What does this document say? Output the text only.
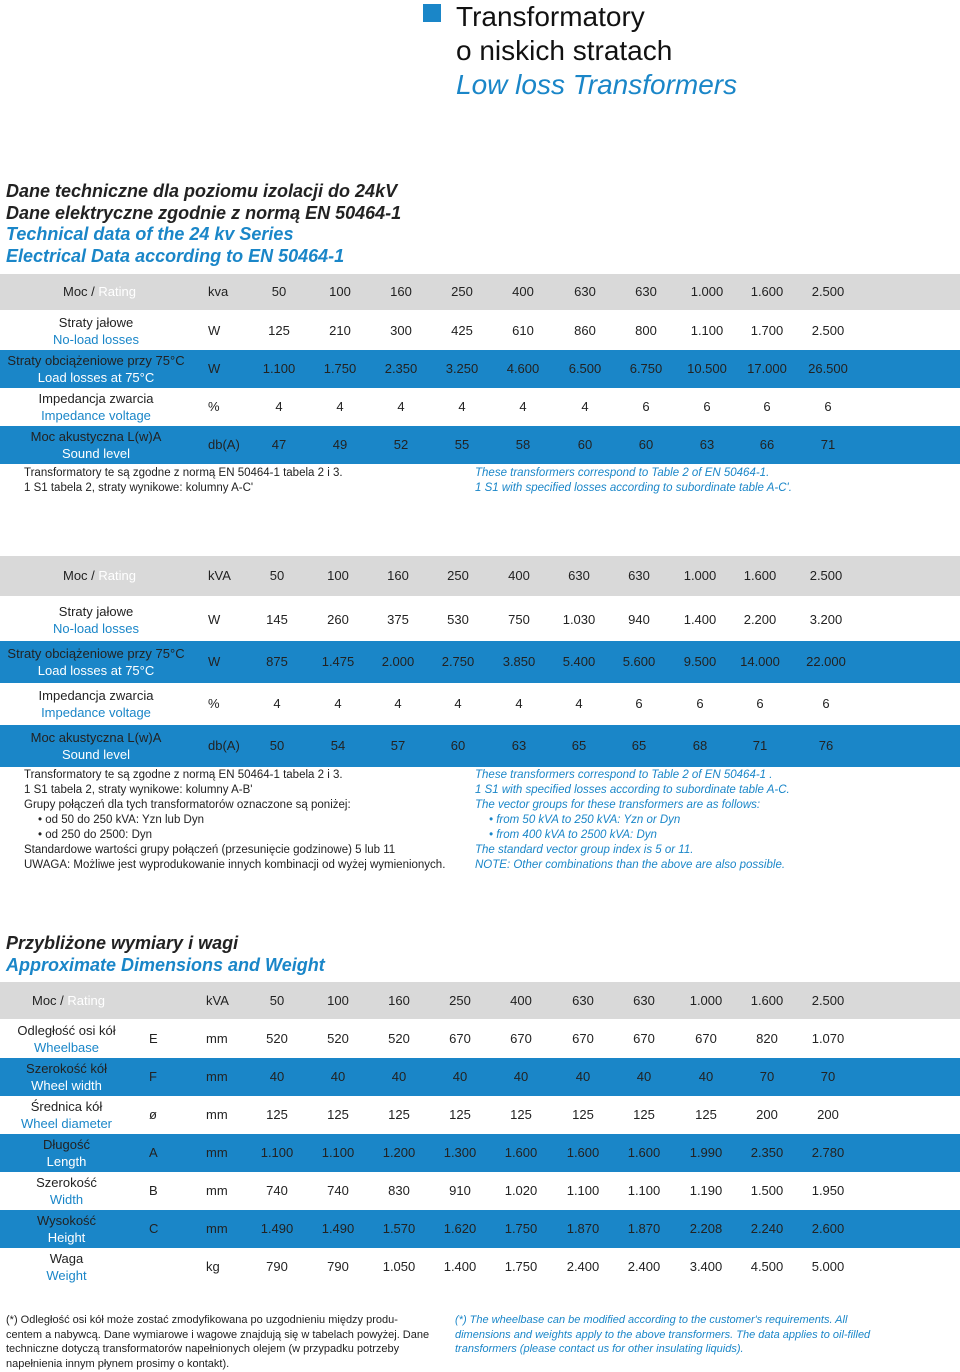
Transformatory
o niskich stratach
Low loss Transformers
Dane techniczne dla poziomu izolacji do 24kV
Dane elektryczne zgodnie z normą EN 50464-1
Technical data of the 24 kv Series
Electrical Data according to EN 50464-1
Moc / Rating	kva	50	100	160	250	400	630	630	1.000	1.600	2.500
Straty jałowe
No-load losses
W	125	210	300	425	610	860	800	1.100	1.700	2.500
Straty obciążeniowe przy 75°C
Load losses at 75°C
W	1.100	1.750	2.350	3.250	4.600	6.500	6.750	10.500	17.000	26.500
Impedancja zwarcia
Impedance voltage
%	4	4	4	4	4	4	6	6	6	6
Moc akustyczna L(w)A
Sound level
db(A)	47	49	52	55	58	60	60	63	66	71
Transformatory te są zgodne z normą EN 50464-1 tabela 2 i 3.
1 S1 tabela 2, straty wynikowe: kolumny A-C'
These transformers correspond to Table 2 of EN 50464-1.
1 S1 with specified losses according to subordinate table A-C'.
Moc / Rating	kVA	50	100	160	250	400	630	630	1.000	1.600	2.500
Straty jałowe
No-load losses
W	145	260	375	530	750	1.030	940	1.400	2.200	3.200
Straty obciążeniowe przy 75°C
Load losses at 75°C
W	875	1.475	2.000	2.750	3.850	5.400	5.600	9.500	14.000	22.000
Impedancja zwarcia
Impedance voltage
%	4	4	4	4	4	4	6	6	6	6
Moc akustyczna L(w)A
Sound level
db(A)	50	54	57	60	63	65	65	68	71	76
Transformatory te są zgodne z normą EN 50464-1 tabela 2 i 3.
1 S1 tabela 2, straty wynikowe: kolumny A-B'
Grupy połączeń dla tych transformatorów oznaczone są poniżej:
• od 50 do 250 kVA: Yzn lub Dyn
• od 250 do 2500: Dyn
Standardowe wartości grupy połączeń (przesunięcie godzinowe) 5 lub 11
UWAGA: Możliwe jest wyprodukowanie innych kombinacji od wyżej wymienionych.
These transformers correspond to Table 2 of EN 50464-1 .
1 S1 with specified losses according to subordinate table A-C.
The vector groups for these transformers are as follows:
• from 50 kVA to 250 kVA: Yzn or Dyn
• from 400 kVA to 2500 kVA: Dyn
The standard vector group index is 5 or 11.
NOTE: Other combinations than the above are also possible.
Przybliżone wymiary i wagi
Approximate Dimensions and Weight
Moc / Rating	kVA	50	100	160	250	400	630	630	1.000	1.600	2.500
Odległość osi kół
Wheelbase
E	mm	520	520	520	670	670	670	670	670	820	1.070
Szerokość kół
Wheel width
F	mm	40	40	40	40	40	40	40	40	70	70
Średnica kół
Wheel diameter
ø	mm	125	125	125	125	125	125	125	125	200	200
Długość
Length
A	mm	1.100	1.100	1.200	1.300	1.600	1.600	1.600	1.990	2.350	2.780
Szerokość
Width
B	mm	740	740	830	910	1.020	1.100	1.100	1.190	1.500	1.950
Wysokość
Height
C	mm	1.490	1.490	1.570	1.620	1.750	1.870	1.870	2.208	2.240	2.600
Waga
Weight
kg	790	790	1.050	1.400	1.750	2.400	2.400	3.400	4.500	5.000
(*) Odległość osi kół może zostać zmodyfikowana po uzgodnieniu między produ-
centem a nabywcą. Dane wymiarowe i wagowe znajdują się w tabelach powyżej. Dane
techniczne dotyczą transformatorów napełnionych olejem (w przypadku potrzeby
napełnienia innym płynem prosimy o kontakt).
(*) The wheelbase can be modified according to the customer's requirements. All
dimensions and weights apply to the above transformers. The data applies to oil-filled
transformers (please contact us for other insulating liquids).
